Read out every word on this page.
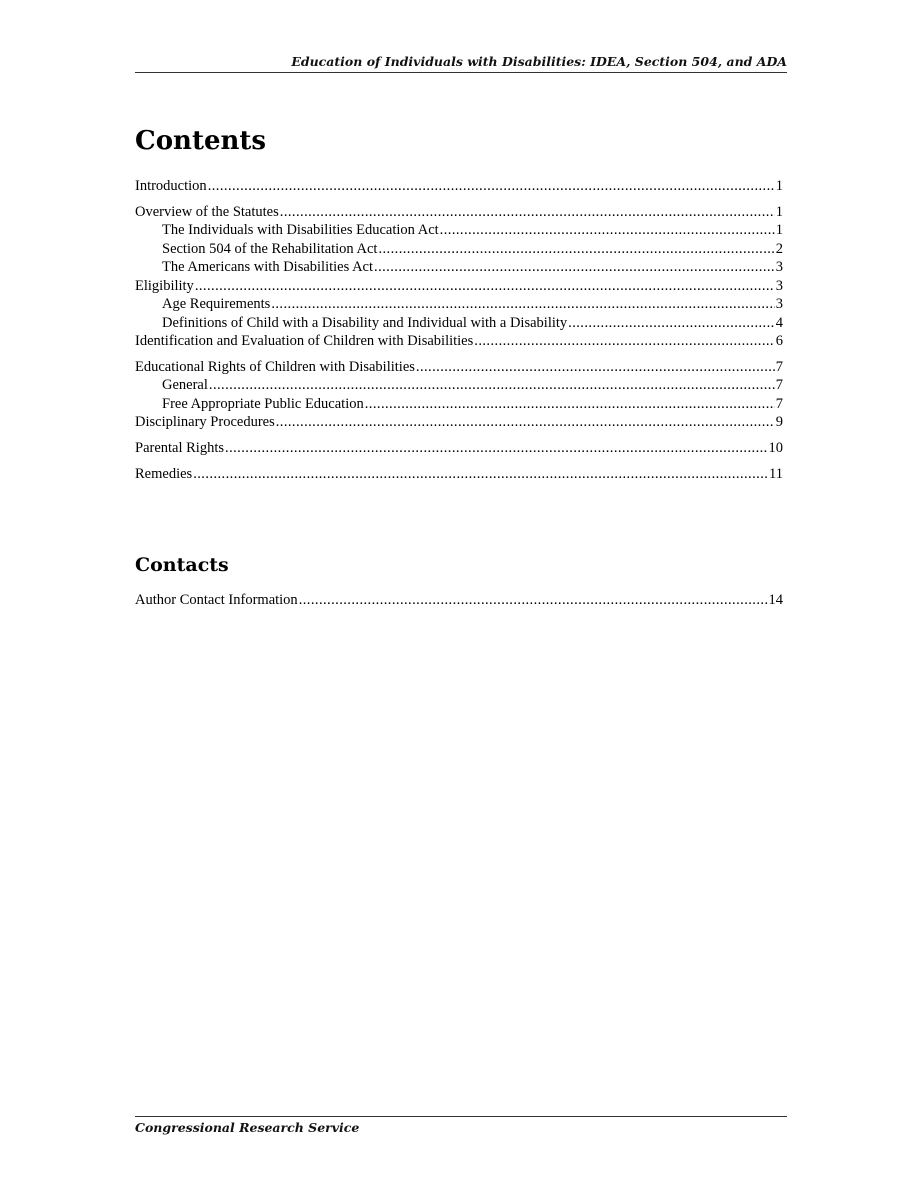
Education of Individuals with Disabilities: IDEA, Section 504, and ADA
Contents
Introduction . . .	1
Overview of the Statutes . . .	1
The Individuals with Disabilities Education Act . . .	1
Section 504 of the Rehabilitation Act . . .	2
The Americans with Disabilities Act . . .	3
Eligibility . . .	3
Age Requirements . . .	3
Definitions of Child with a Disability and Individual with a Disability . . .	4
Identification and Evaluation of Children with Disabilities . . .	6
Educational Rights of Children with Disabilities . . .	7
General . . .	7
Free Appropriate Public Education . . .	7
Disciplinary Procedures . . .	9
Parental Rights . . .	10
Remedies . . .	11
Contacts
Author Contact Information . . .	14
Congressional Research Service
